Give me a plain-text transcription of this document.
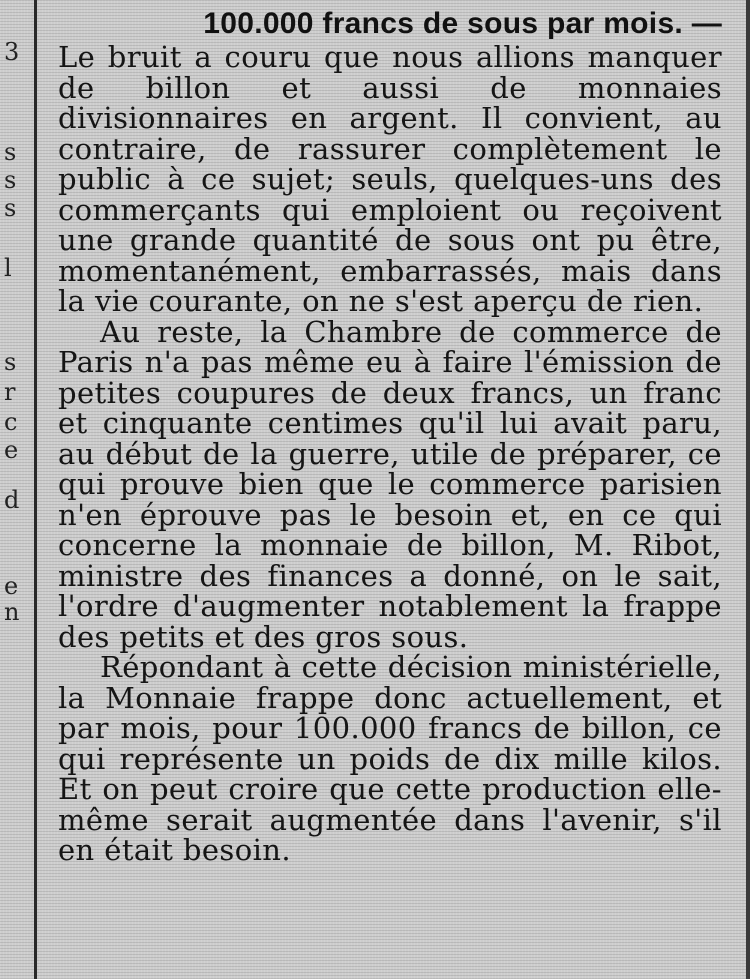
3
s
s
s
l
s
r
c
e
d
e
n
100.000 francs de sous par mois. —

Le bruit a couru que nous allions manquer de billon et aussi de monnaies divisionnaires en argent. Il convient, au contraire, de rassurer complètement le public à ce sujet; seuls, quelques-uns des commerçants qui emploient ou reçoivent une grande quantité de sous ont pu être, momentanément, embarrassés, mais dans la vie courante, on ne s'est aperçu de rien.

Au reste, la Chambre de commerce de Paris n'a pas même eu à faire l'émission de petites coupures de deux francs, un franc et cinquante centimes qu'il lui avait paru, au début de la guerre, utile de préparer, ce qui prouve bien que le commerce parisien n'en éprouve pas le besoin et, en ce qui concerne la monnaie de billon, M. Ribot, ministre des finances a donné, on le sait, l'ordre d'augmenter notablement la frappe des petits et des gros sous.

Répondant à cette décision ministérielle, la Monnaie frappe donc actuellement, et par mois, pour 100.000 francs de billon, ce qui représente un poids de dix mille kilos. Et on peut croire que cette production elle-même serait augmentée dans l'avenir, s'il en était besoin.
